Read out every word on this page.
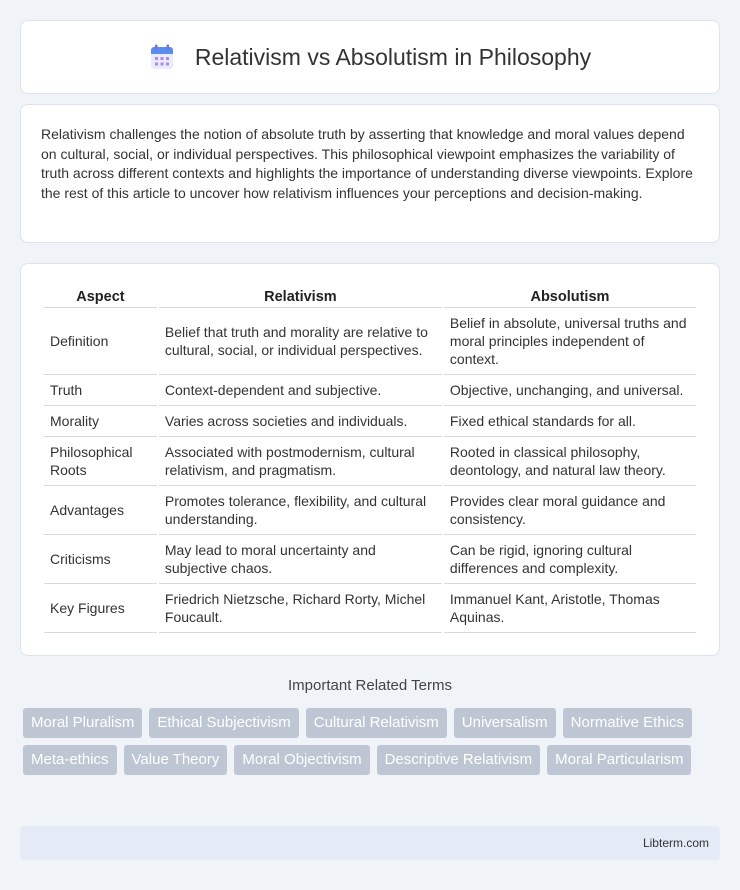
Relativism vs Absolutism in Philosophy

Relativism challenges the notion of absolute truth by asserting that knowledge and moral values depend on cultural, social, or individual perspectives. This philosophical viewpoint emphasizes the variability of truth across different contexts and highlights the importance of understanding diverse viewpoints. Explore the rest of this article to uncover how relativism influences your perceptions and decision-making.

Aspect	Relativism	Absolutism
Definition	Belief that truth and morality are relative to cultural, social, or individual perspectives.	Belief in absolute, universal truths and moral principles independent of context.
Truth	Context-dependent and subjective.	Objective, unchanging, and universal.
Morality	Varies across societies and individuals.	Fixed ethical standards for all.
Philosophical Roots	Associated with postmodernism, cultural relativism, and pragmatism.	Rooted in classical philosophy, deontology, and natural law theory.
Advantages	Promotes tolerance, flexibility, and cultural understanding.	Provides clear moral guidance and consistency.
Criticisms	May lead to moral uncertainty and subjective chaos.	Can be rigid, ignoring cultural differences and complexity.
Key Figures	Friedrich Nietzsche, Richard Rorty, Michel Foucault.	Immanuel Kant, Aristotle, Thomas Aquinas.
Important Related Terms
Moral Pluralism	Ethical Subjectivism	Cultural Relativism	Universalism	Normative Ethics
Meta-ethics	Value Theory	Moral Objectivism	Descriptive Relativism	Moral Particularism
Libterm.com
